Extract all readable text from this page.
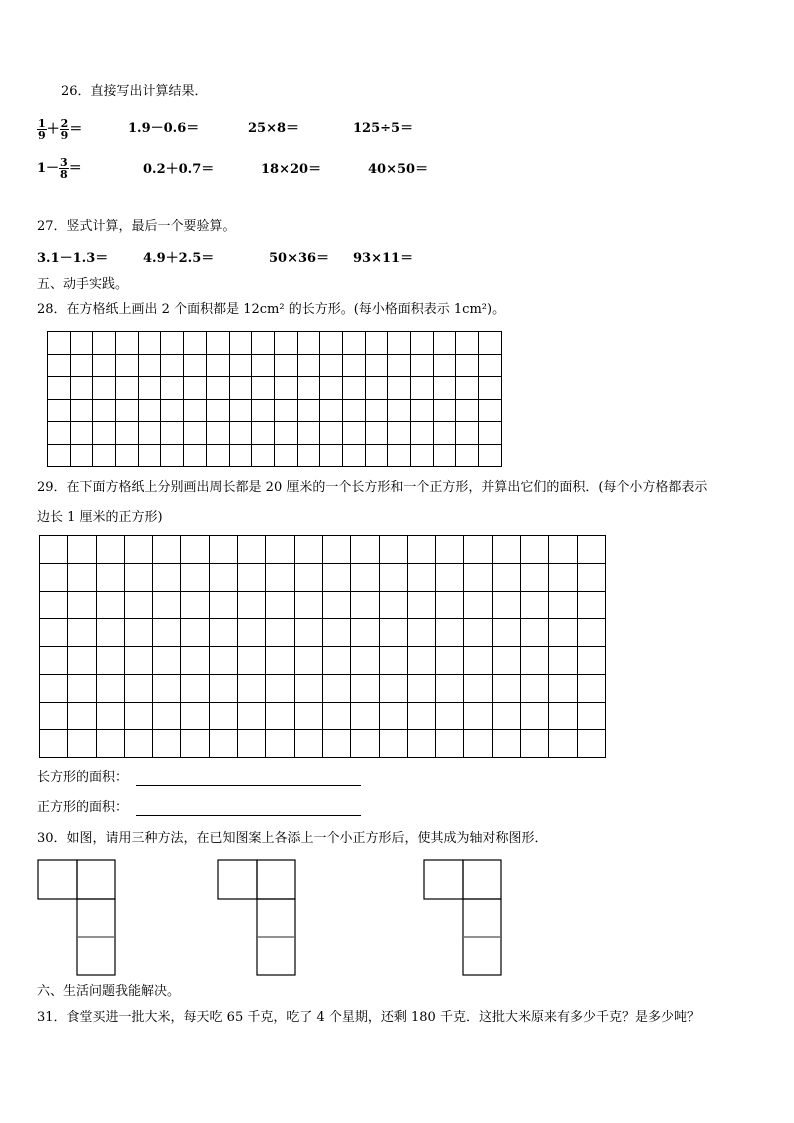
26．直接写出计算结果．
$\frac{1}{9} + \frac{2}{9}$ ＝	1.9－0.6＝	25×8＝	125÷5＝
$1- \frac{3}{8}$ ＝	0.2＋0.7＝	18×20＝	40×50＝
27．竖式计算，最后一个要验算。
3.1－1.3＝	4.9＋2.5＝	50×36＝ 93×11＝
五、动手实践。
28．在方格纸上画出 2 个面积都是 12cm² 的长方形。(每小格面积表示 1cm²)。

29．在下面方格纸上分别画出周长都是 20 厘米的一个长方形和一个正方形，并算出它们的面积．(每个小方格都表示
边长 1 厘米的正方形)

长方形的面积：
正方形的面积：
30．如图，请用三种方法，在已知图案上各添上一个小正方形后，使其成为轴对称图形．
六、生活问题我能解决。
31．食堂买进一批大米，每天吃 65 千克，吃了 4 个星期，还剩 180 千克．这批大米原来有多少千克？是多少吨？
